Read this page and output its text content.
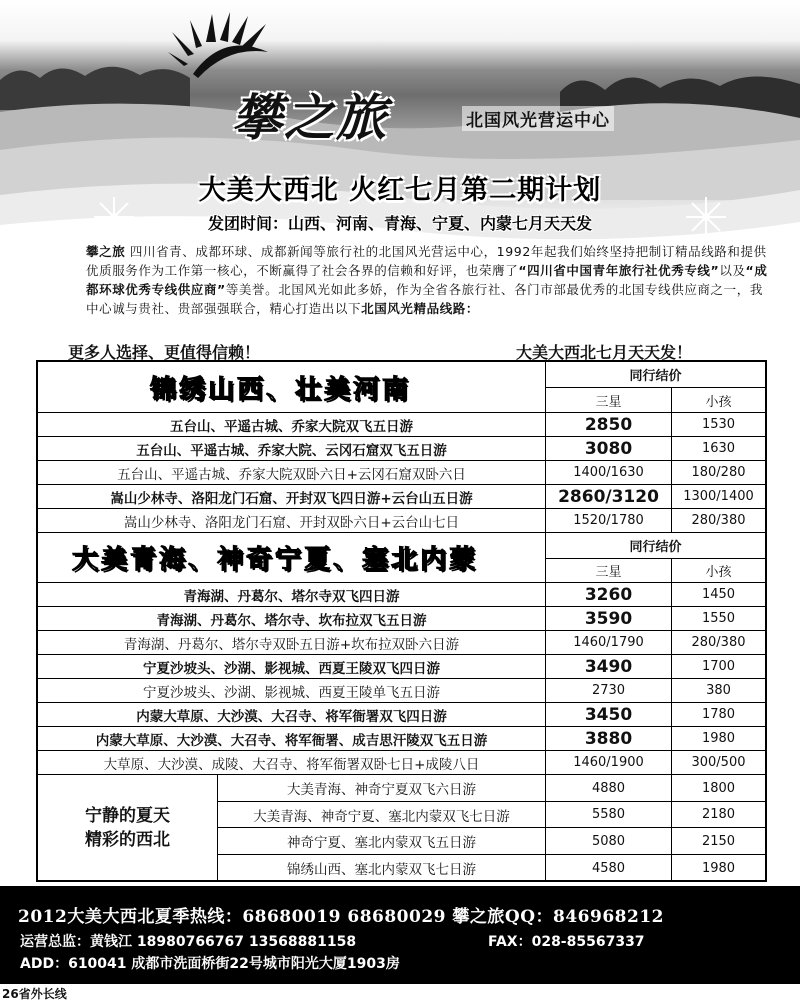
攀之旅	北国风光营运中心
大美大西北 火红七月第二期计划
发团时间：山西、河南、青海、宁夏、内蒙七月天天发
攀之旅 四川省青、成都环球、成都新闻等旅行社的北国风光营运中心，1992年起我们始终坚持把制订精品线路和提供优质服务作为工作第一核心，不断赢得了社会各界的信赖和好评，也荣膺了“四川省中国青年旅行社优秀专线”以及“成都环球优秀专线供应商”等美誉。北国风光如此多娇，作为全省各旅行社、各门市部最优秀的北国专线供应商之一，我中心诚与贵社、贵部强强联合，精心打造出以下北国风光精品线路：
更多人选择、更值得信赖！	大美大西北七月天天发！
锦绣山西、壮美河南	同行结价
三星	小孩
五台山、平遥古城、乔家大院双飞五日游	2850	1530
五台山、平遥古城、乔家大院、云冈石窟双飞五日游	3080	1630
五台山、平遥古城、乔家大院双卧六日+云冈石窟双卧六日	1400/1630	180/280
嵩山少林寺、洛阳龙门石窟、开封双飞四日游+云台山五日游	2860/3120	1300/1400
嵩山少林寺、洛阳龙门石窟、开封双卧六日+云台山七日	1520/1780	280/380
大美青海、神奇宁夏、塞北内蒙	同行结价
三星	小孩
青海湖、丹葛尔、塔尔寺双飞四日游	3260	1450
青海湖、丹葛尔、塔尔寺、坎布拉双飞五日游	3590	1550
青海湖、丹葛尔、塔尔寺双卧五日游+坎布拉双卧六日游	1460/1790	280/380
宁夏沙坡头、沙湖、影视城、西夏王陵双飞四日游	3490	1700
宁夏沙坡头、沙湖、影视城、西夏王陵单飞五日游	2730	380
内蒙大草原、大沙漠、大召寺、将军衙署双飞四日游	3450	1780
内蒙大草原、大沙漠、大召寺、将军衙署、成吉思汗陵双飞五日游	3880	1980
大草原、大沙漠、成陵、大召寺、将军衙署双卧七日+成陵八日	1460/1900	300/500
宁静的夏天
精彩的西北
大美青海、神奇宁夏双飞六日游	4880	1800
大美青海、神奇宁夏、塞北内蒙双飞七日游	5580	2180
神奇宁夏、塞北内蒙双飞五日游	5080	2150
锦绣山西、塞北内蒙双飞七日游	4580	1980
2012大美大西北夏季热线：68680019 68680029 攀之旅QQ：846968212
运营总监：黄钱江 18980766767 13568881158	FAX：028-85567337
ADD：610041 成都市洗面桥街22号城市阳光大厦1903房
26省外长线
